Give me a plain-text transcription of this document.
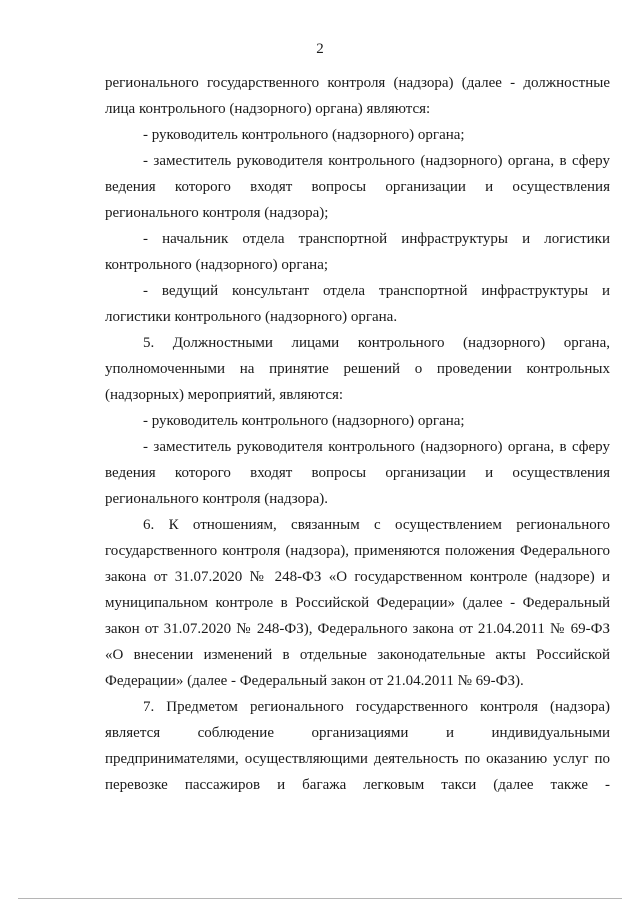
2

регионального государственного контроля (надзора) (далее - должностные лица контрольного (надзорного) органа) являются:

- руководитель контрольного (надзорного) органа;

- заместитель руководителя контрольного (надзорного) органа, в сферу ведения которого входят вопросы организации и осуществления регионального контроля (надзора);

- начальник отдела транспортной инфраструктуры и логистики контрольного (надзорного) органа;

- ведущий консультант отдела транспортной инфраструктуры и логистики контрольного (надзорного) органа.

5. Должностными лицами контрольного (надзорного) органа, уполномоченными на принятие решений о проведении контрольных (надзорных) мероприятий, являются:

- руководитель контрольного (надзорного) органа;

- заместитель руководителя контрольного (надзорного) органа, в сферу ведения которого входят вопросы организации и осуществления регионального контроля (надзора).

6. К отношениям, связанным с осуществлением регионального государственного контроля (надзора), применяются положения Федерального закона от 31.07.2020 № 248-ФЗ «О государственном контроле (надзоре) и муниципальном контроле в Российской Федерации» (далее - Федеральный закон от 31.07.2020 № 248-ФЗ), Федерального закона от 21.04.2011 № 69-ФЗ «О внесении изменений в отдельные законодательные акты Российской Федерации» (далее - Федеральный закон от 21.04.2011 № 69-ФЗ).

7. Предметом регионального государственного контроля (надзора) является соблюдение организациями и индивидуальными предпринимателями, осуществляющими деятельность по оказанию услуг по перевозке пассажиров и багажа легковым такси (далее также -
